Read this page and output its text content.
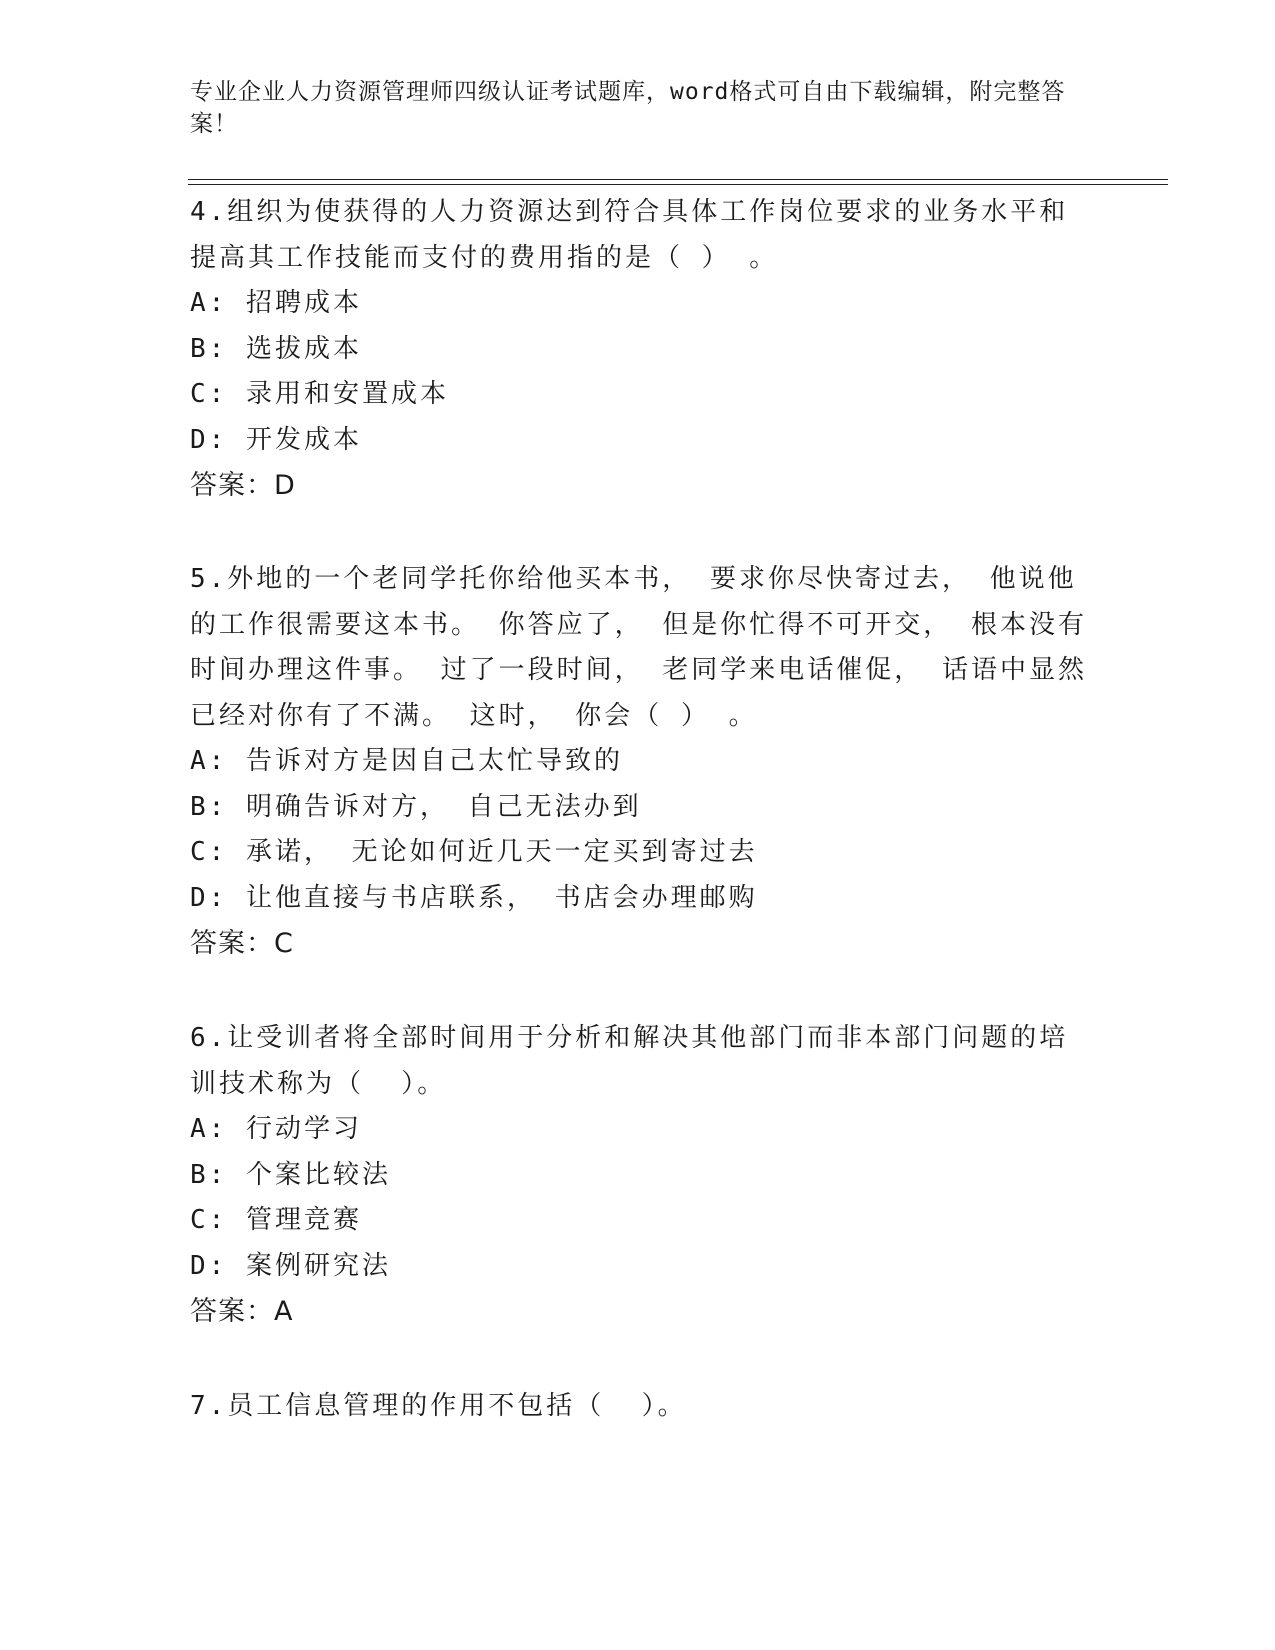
专业企业人力资源管理师四级认证考试题库，word格式可自由下载编辑，附完整答案！
4.组织为使获得的人力资源达到符合具体工作岗位要求的业务水平和提高其工作技能而支付的费用指的是（ ） 。
A: 招聘成本
B: 选拔成本
C: 录用和安置成本
D: 开发成本
答案：D
5.外地的一个老同学托你给他买本书， 要求你尽快寄过去， 他说他的工作很需要这本书。 你答应了， 但是你忙得不可开交， 根本没有时间办理这件事。 过了一段时间， 老同学来电话催促， 话语中显然已经对你有了不满。 这时， 你会（ ） 。
A: 告诉对方是因自己太忙导致的
B: 明确告诉对方， 自己无法办到
C: 承诺， 无论如何近几天一定买到寄过去
D: 让他直接与书店联系， 书店会办理邮购
答案：C
6.让受训者将全部时间用于分析和解决其他部门而非本部门问题的培训技术称为（  ）。
A: 行动学习
B: 个案比较法
C: 管理竞赛
D: 案例研究法
答案：A
7.员工信息管理的作用不包括（  ）。
